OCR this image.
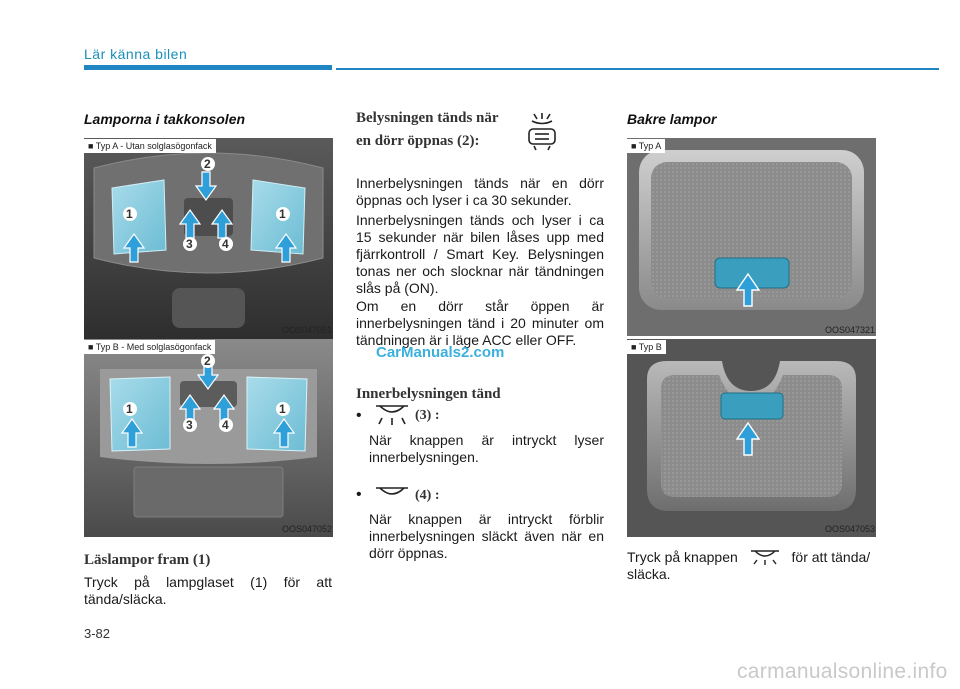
Lär känna bilen
Lamporna i takkonsolen
1
2
3 4
1
■ Typ A - Utan solglasögonfack
OOS047051
1
2
3 4
1
■ Typ B - Med solglasögonfack
OOS047052
Läslampor fram (1)
Tryck på lampglaset (1) för att tända/släcka.
Belysningen tänds när
en dörr öppnas (2):
Innerbelysningen tänds när en dörr öppnas och lyser i ca 30 sekunder.
Innerbelysningen tänds och lyser i ca 15 sekunder när bilen låses upp med fjärrkontroll / Smart Key. Belysningen tonas ner och slocknar när tändningen slås på (ON).
Om en dörr står öppen är innerbelysningen tänd i 20 minuter om tändningen är i läge ACC eller OFF.
CarManuals2.com
Innerbelysningen tänd
•	(3) :
När knappen är intryckt lyser innerbelysningen.
•	(4) :
När knappen är intryckt förblir innerbelysningen släckt även när en dörr öppnas.
Bakre lampor
■ Typ A
OOS047321
■ Typ B
OOS047053
Tryck på knappen	för att tända/
släcka.
3-82
carmanualsonline.info
